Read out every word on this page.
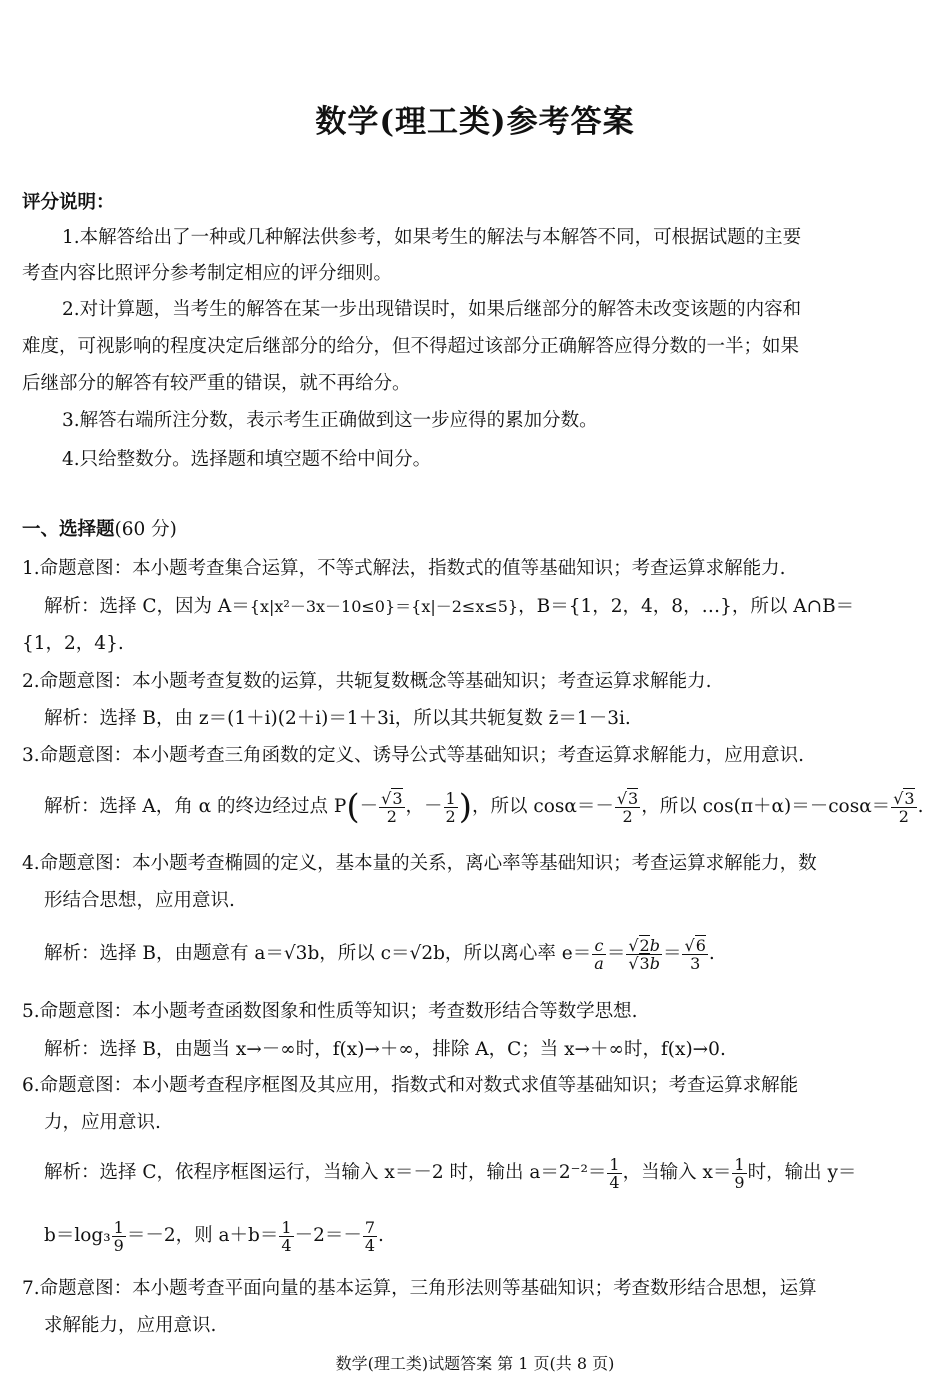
数学(理工类)参考答案
评分说明：
1.本解答给出了一种或几种解法供参考，如果考生的解法与本解答不同，可根据试题的主要
考查内容比照评分参考制定相应的评分细则。
2.对计算题，当考生的解答在某一步出现错误时，如果后继部分的解答未改变该题的内容和
难度，可视影响的程度决定后继部分的给分，但不得超过该部分正确解答应得分数的一半；如果
后继部分的解答有较严重的错误，就不再给分。
3.解答右端所注分数，表示考生正确做到这一步应得的累加分数。
4.只给整数分。选择题和填空题不给中间分。
一、选择题(60 分)
1.命题意图：本小题考查集合运算，不等式解法，指数式的值等基础知识；考查运算求解能力.
解析：选择 C，因为 A＝{x|x²－3x－10≤0}＝{x|－2≤x≤5}，B＝{1，2，4，8，…}，所以 A∩B＝
{1，2，4}.
2.命题意图：本小题考查复数的运算，共轭复数概念等基础知识；考查运算求解能力.
解析：选择 B，由 z＝(1＋i)(2＋i)＝1＋3i，所以其共轭复数 z̄＝1－3i.
3.命题意图：本小题考查三角函数的定义、诱导公式等基础知识；考查运算求解能力，应用意识.
解析：选择 A，角 α 的终边经过点 $P(- \frac{√3}{2}$ ，－ $\frac{1}{2}$ )，所以 $\cos\alpha=- \frac{√3}{2}$ ，所以 $\cos(\pi+\alpha)=-\cos\alpha= \frac{√3}{2}$ .
4.命题意图：本小题考查椭圆的定义，基本量的关系，离心率等基础知识；考查运算求解能力，数
形结合思想，应用意识.
解析：选择 B，由题意有 a＝√3b，所以 c＝√2b，所以离心率 $e= \frac{c}{a} = \frac{√2b}{√3b} = \frac{√6}{3}$ .
5.命题意图：本小题考查函数图象和性质等知识；考查数形结合等数学思想.
解析：选择 B，由题当 x→－∞时，f(x)→＋∞，排除 A，C；当 x→＋∞时，f(x)→0.
6.命题意图：本小题考查程序框图及其应用，指数式和对数式求值等基础知识；考查运算求解能
力，应用意识.
解析：选择 C，依程序框图运行，当输入 x＝－2 时，输出 $a=2^{-2}= \frac{1}{4}$ ，当输入 $x= \frac{1}{9}$ 时，输出 y＝
$b=\log_3 \frac{1}{9} =-2$，则 $a+b= \frac{1}{4} -2=- \frac{7}{4}$ .
7.命题意图：本小题考查平面向量的基本运算，三角形法则等基础知识；考查数形结合思想，运算
求解能力，应用意识.
数学(理工类)试题答案 第 1 页(共 8 页)
